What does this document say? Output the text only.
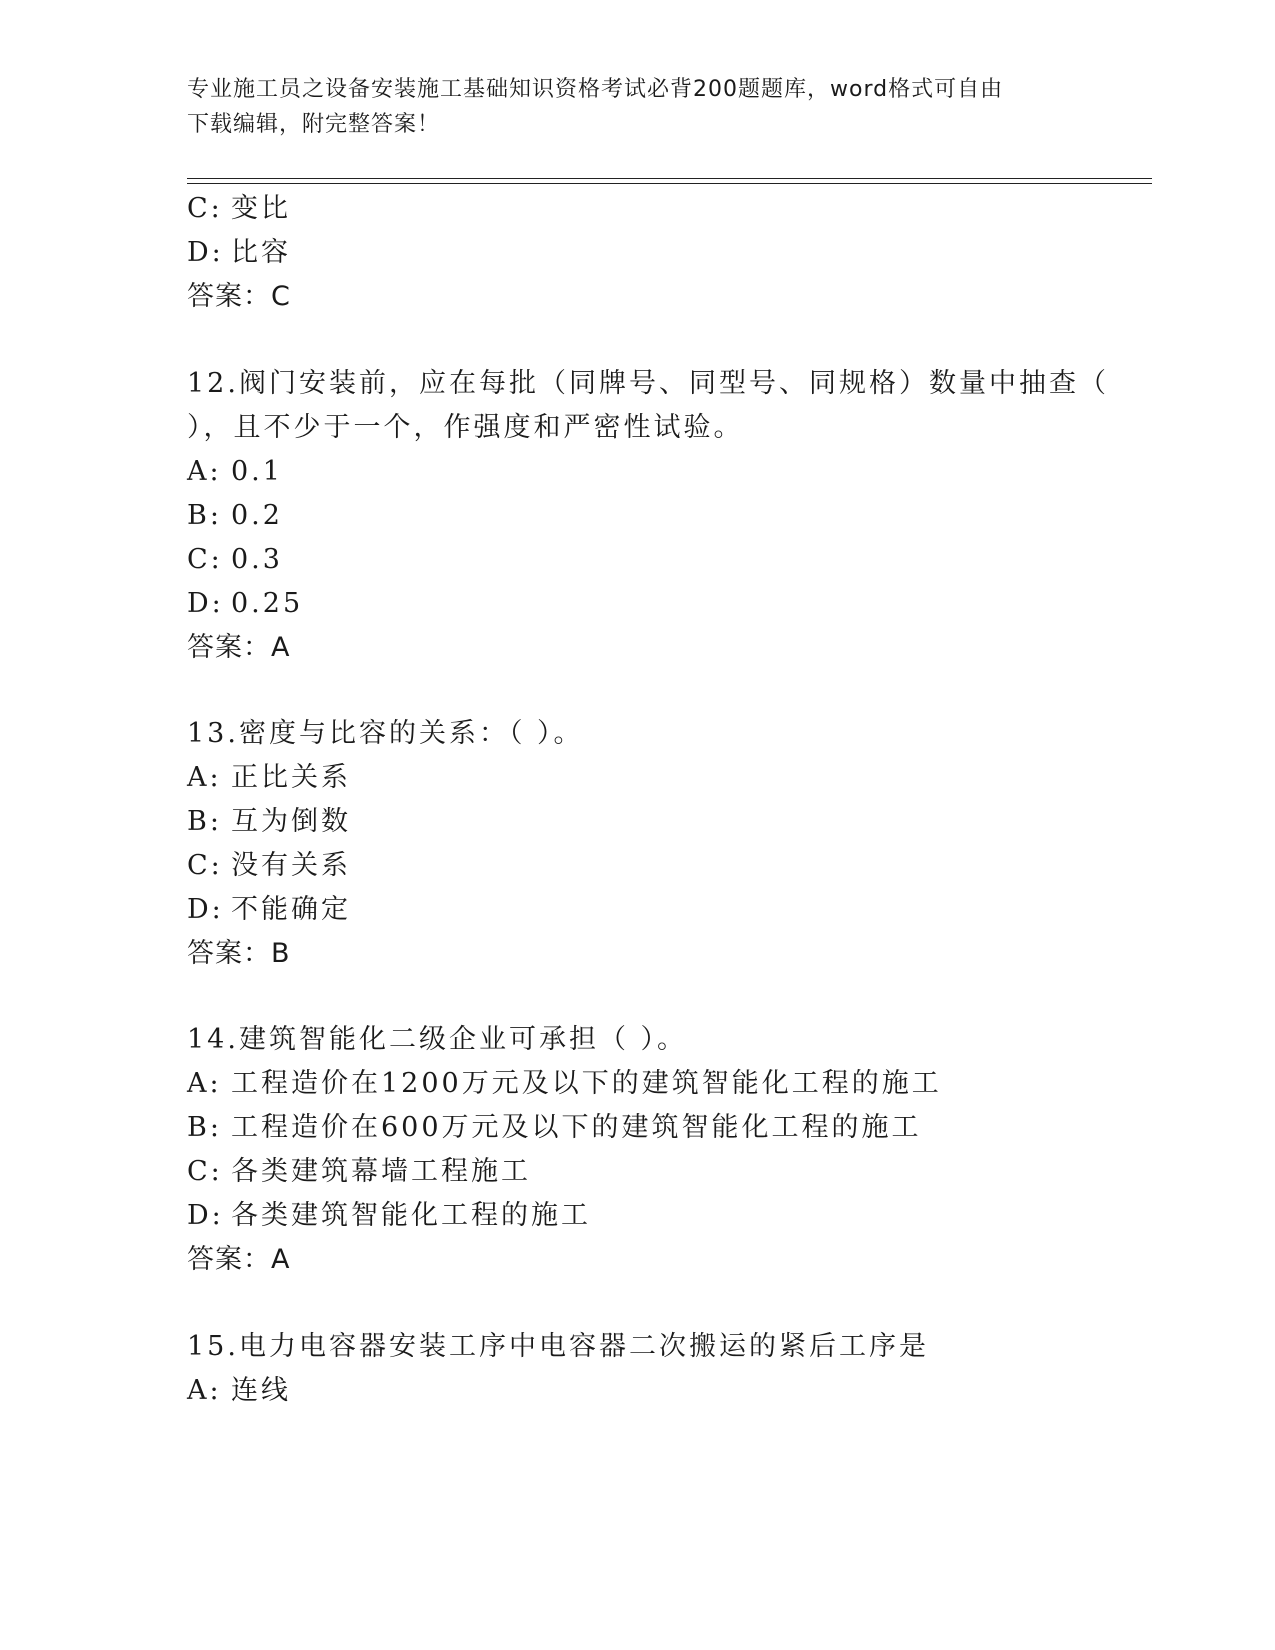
专业施工员之设备安装施工基础知识资格考试必背200题题库，word格式可自由
下载编辑，附完整答案！
C: 变比
D: 比容
答案：C
12.阀门安装前，应在每批（同牌号、同型号、同规格）数量中抽查（
），且不少于一个，作强度和严密性试验。
A: 0.1
B: 0.2
C: 0.3
D: 0.25
答案：A
13.密度与比容的关系：（ ）。
A: 正比关系
B: 互为倒数
C: 没有关系
D: 不能确定
答案：B
14.建筑智能化二级企业可承担（ ）。
A: 工程造价在1200万元及以下的建筑智能化工程的施工
B: 工程造价在600万元及以下的建筑智能化工程的施工
C: 各类建筑幕墙工程施工
D: 各类建筑智能化工程的施工
答案：A
15.电力电容器安装工序中电容器二次搬运的紧后工序是
A: 连线
